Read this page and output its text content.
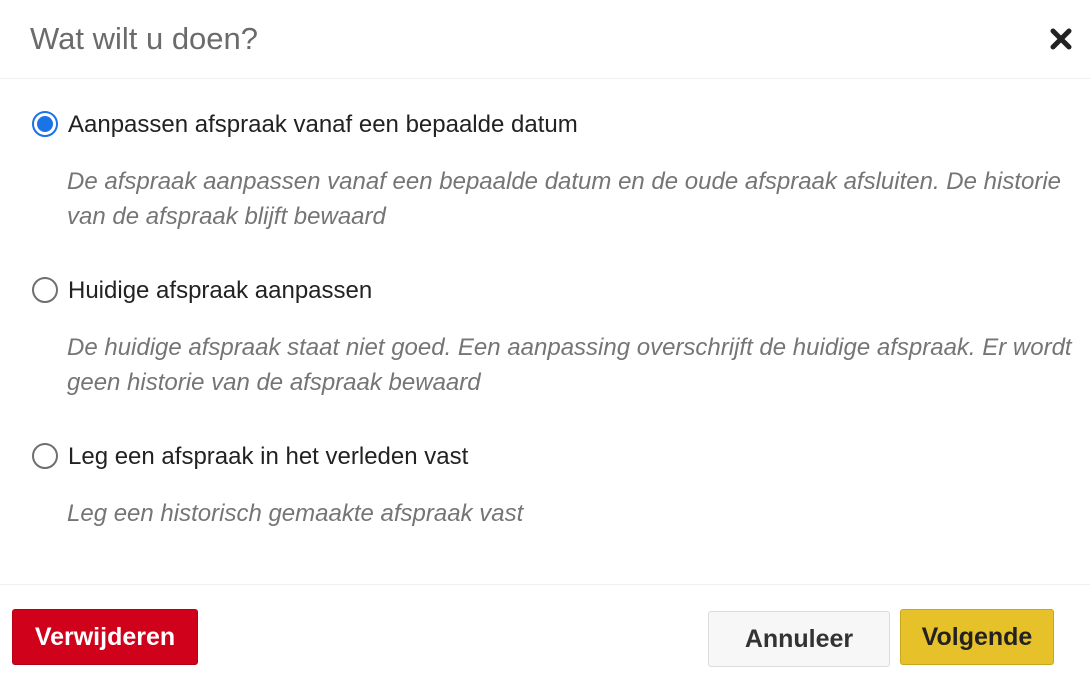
Wat wilt u doen?
Aanpassen afspraak vanaf een bepaalde datum
De afspraak aanpassen vanaf een bepaalde datum en de oude afspraak afsluiten. De historie van de afspraak blijft bewaard
Huidige afspraak aanpassen
De huidige afspraak staat niet goed. Een aanpassing overschrijft de huidige afspraak. Er wordt geen historie van de afspraak bewaard
Leg een afspraak in het verleden vast
Leg een historisch gemaakte afspraak vast
Verwijderen	Annuleer	Volgende
